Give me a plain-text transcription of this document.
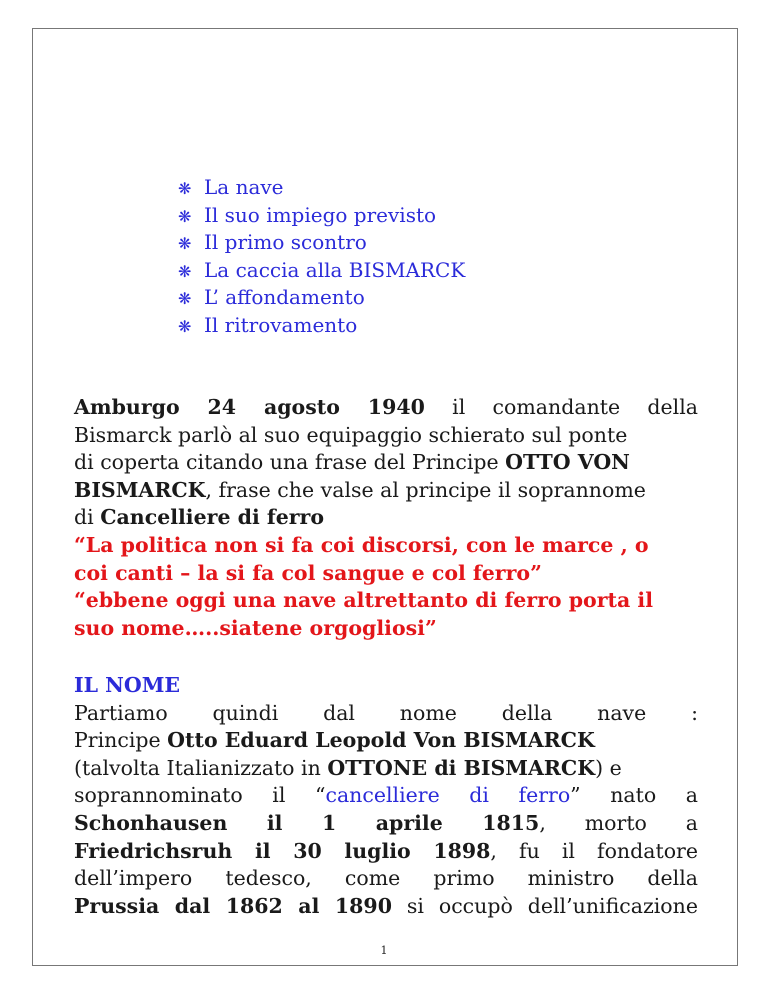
❋ La nave
❋ Il suo impiego previsto
❋ Il primo scontro
❋ La caccia alla BISMARCK
❋ L’ affondamento
❋ Il ritrovamento
Amburgo 24 agosto 1940 il comandante della
Bismarck parlò al suo equipaggio schierato sul ponte
di coperta citando una frase del Principe OTTO VON
BISMARCK, frase che valse al principe il soprannome
di Cancelliere di ferro
“La politica non si fa coi discorsi, con le marce , o
coi canti – la si fa col sangue e col ferro”
“ebbene oggi una nave altrettanto di ferro porta il
suo nome…..siatene orgogliosi”
IL NOME
Partiamo quindi dal nome della nave :
Principe Otto Eduard Leopold Von BISMARCK
(talvolta Italianizzato in OTTONE di BISMARCK) e
soprannominato il “cancelliere di ferro” nato a
Schonhausen il 1 aprile 1815, morto a
Friedrichsruh il 30 luglio 1898, fu il fondatore
dell’impero tedesco, come primo ministro della
Prussia dal 1862 al 1890 si occupò dell’unificazione
1
